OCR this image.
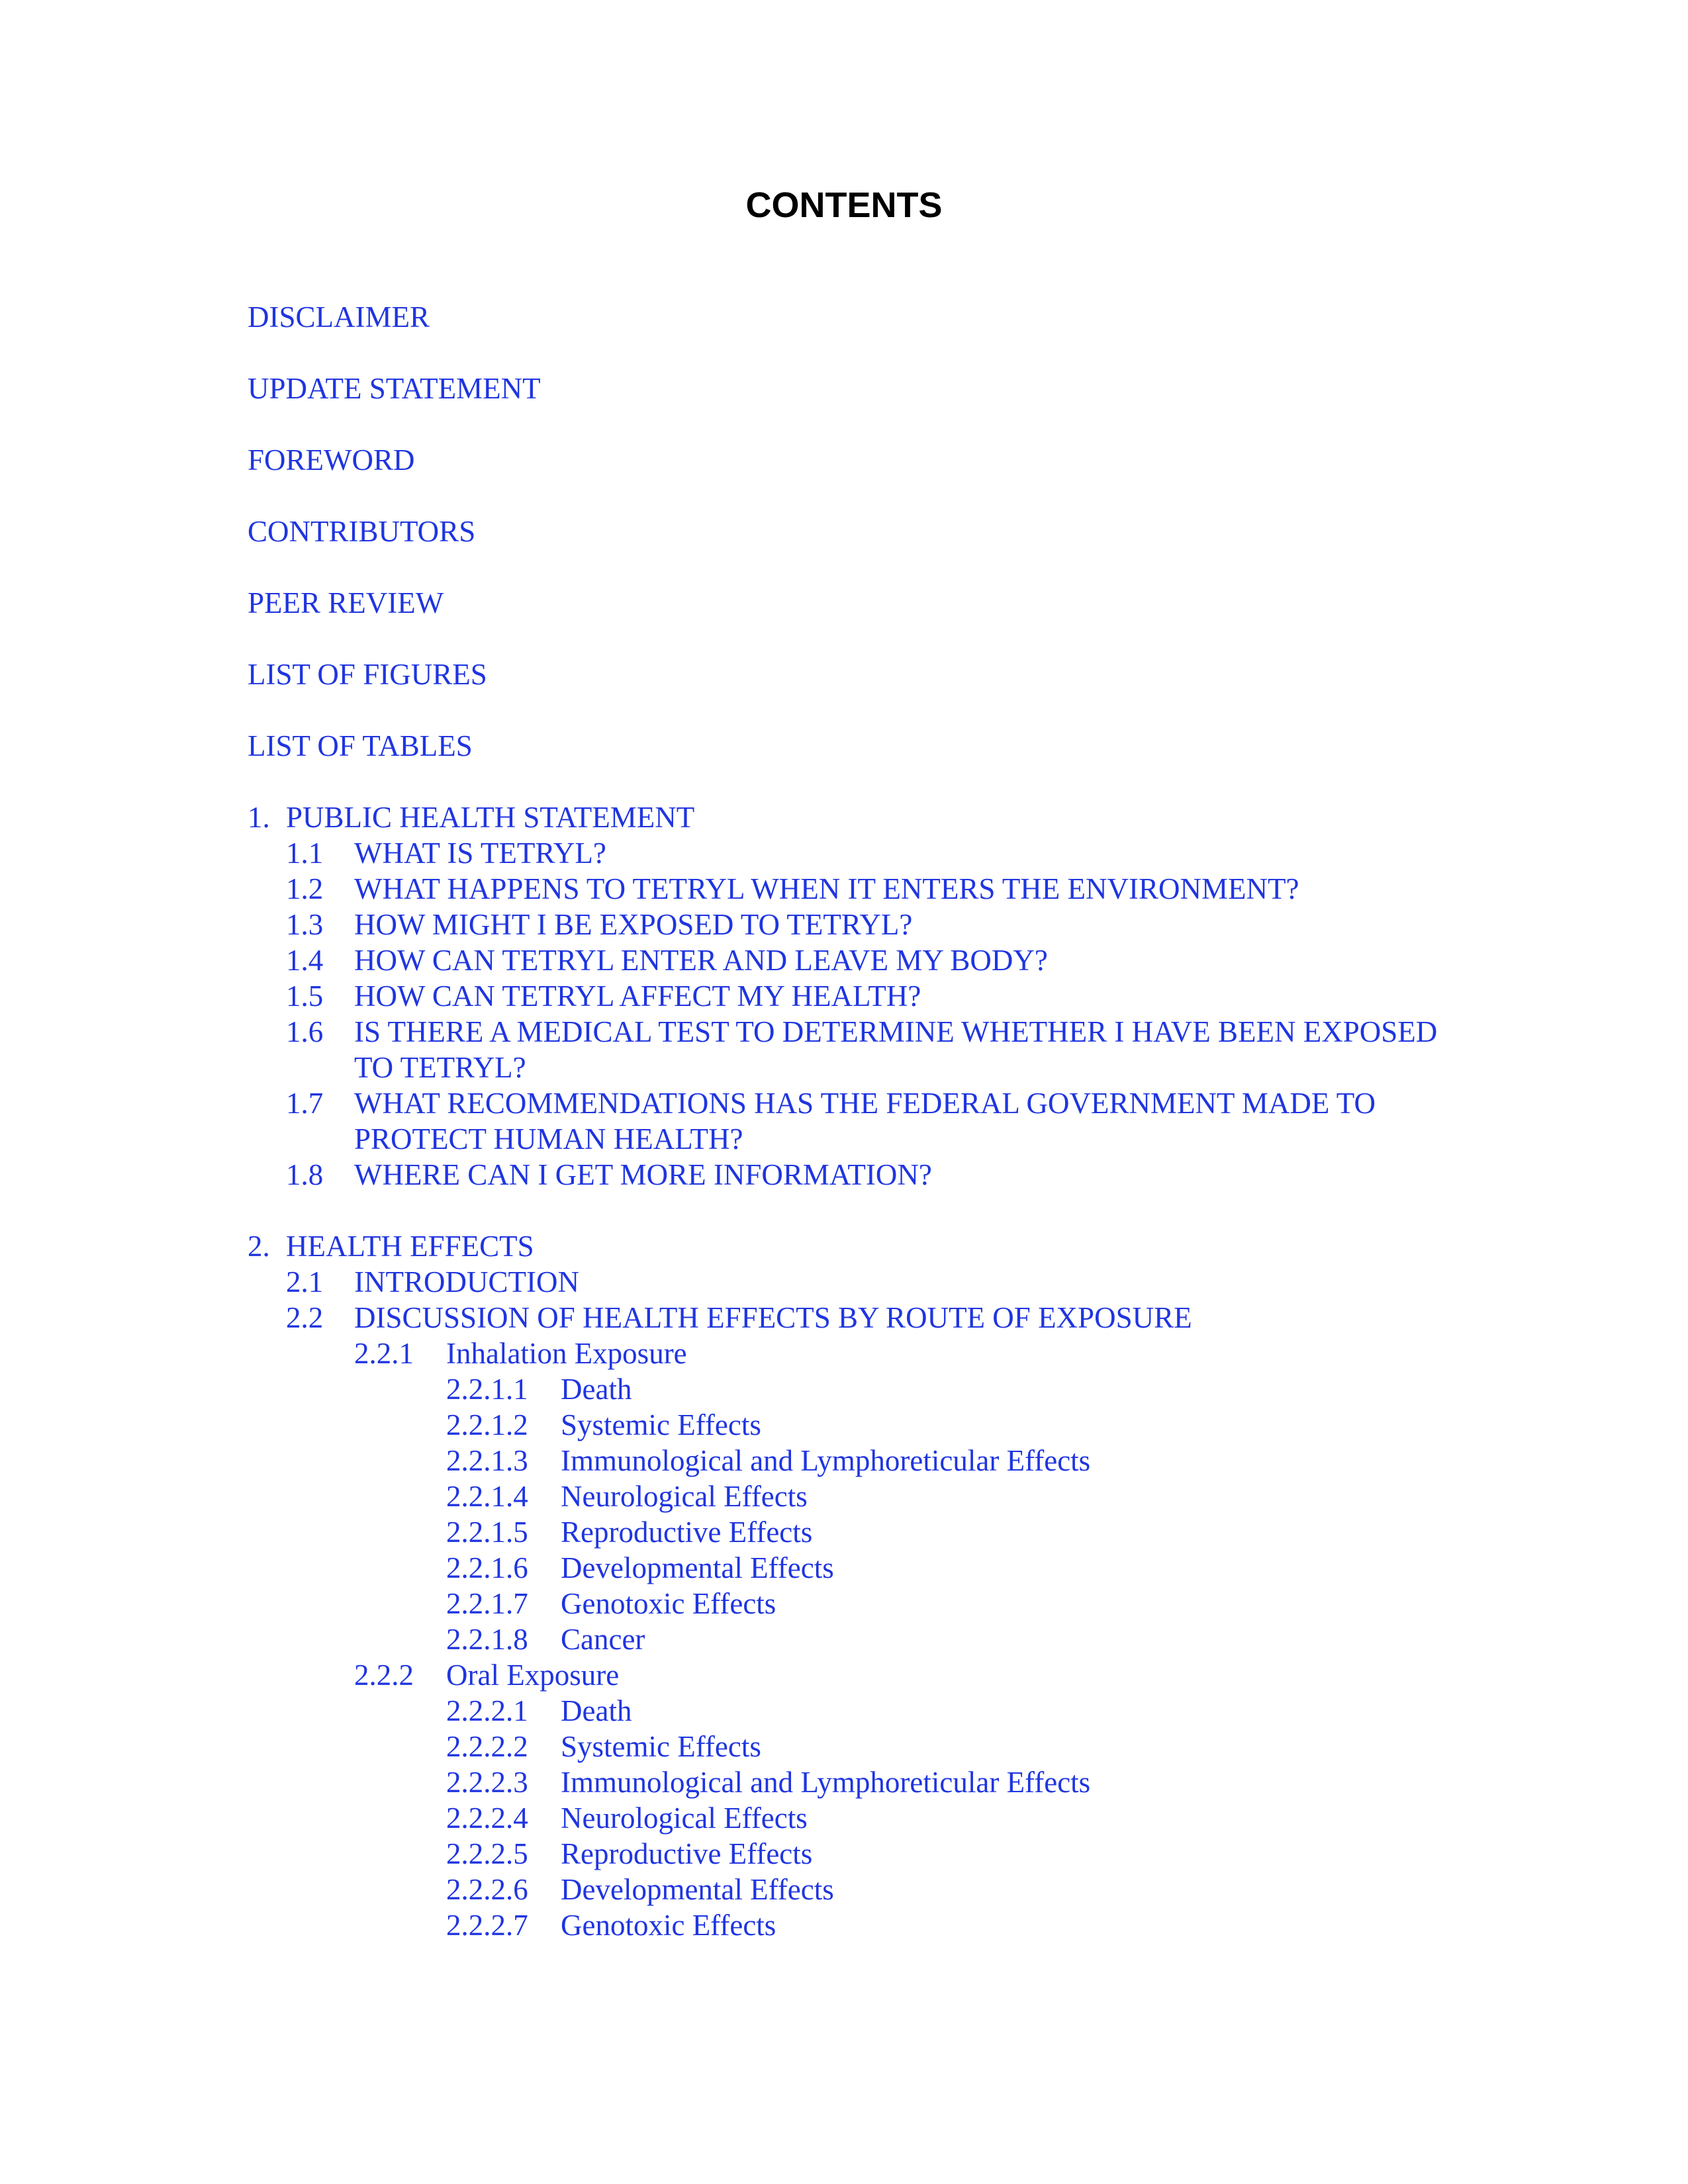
CONTENTS
DISCLAIMER
UPDATE STATEMENT
FOREWORD
CONTRIBUTORS
PEER REVIEW
LIST OF FIGURES
LIST OF TABLES
1. PUBLIC HEALTH STATEMENT
1.1	WHAT IS TETRYL?
1.2	WHAT HAPPENS TO TETRYL WHEN IT ENTERS THE ENVIRONMENT?
1.3	HOW MIGHT I BE EXPOSED TO TETRYL?
1.4	HOW CAN TETRYL ENTER AND LEAVE MY BODY?
1.5	HOW CAN TETRYL AFFECT MY HEALTH?
1.6	IS THERE A MEDICAL TEST TO DETERMINE WHETHER I HAVE BEEN EXPOSED TO TETRYL?
1.7	WHAT RECOMMENDATIONS HAS THE FEDERAL GOVERNMENT MADE TO PROTECT HUMAN HEALTH?
1.8	WHERE CAN I GET MORE INFORMATION?
2. HEALTH EFFECTS
2.1	INTRODUCTION
2.2	DISCUSSION OF HEALTH EFFECTS BY ROUTE OF EXPOSURE
2.2.1	Inhalation Exposure
2.2.1.1	Death
2.2.1.2	Systemic Effects
2.2.1.3	Immunological and Lymphoreticular Effects
2.2.1.4	Neurological Effects
2.2.1.5	Reproductive Effects
2.2.1.6	Developmental Effects
2.2.1.7	Genotoxic Effects
2.2.1.8	Cancer
2.2.2	Oral Exposure
2.2.2.1	Death
2.2.2.2	Systemic Effects
2.2.2.3	Immunological and Lymphoreticular Effects
2.2.2.4	Neurological Effects
2.2.2.5	Reproductive Effects
2.2.2.6	Developmental Effects
2.2.2.7	Genotoxic Effects
